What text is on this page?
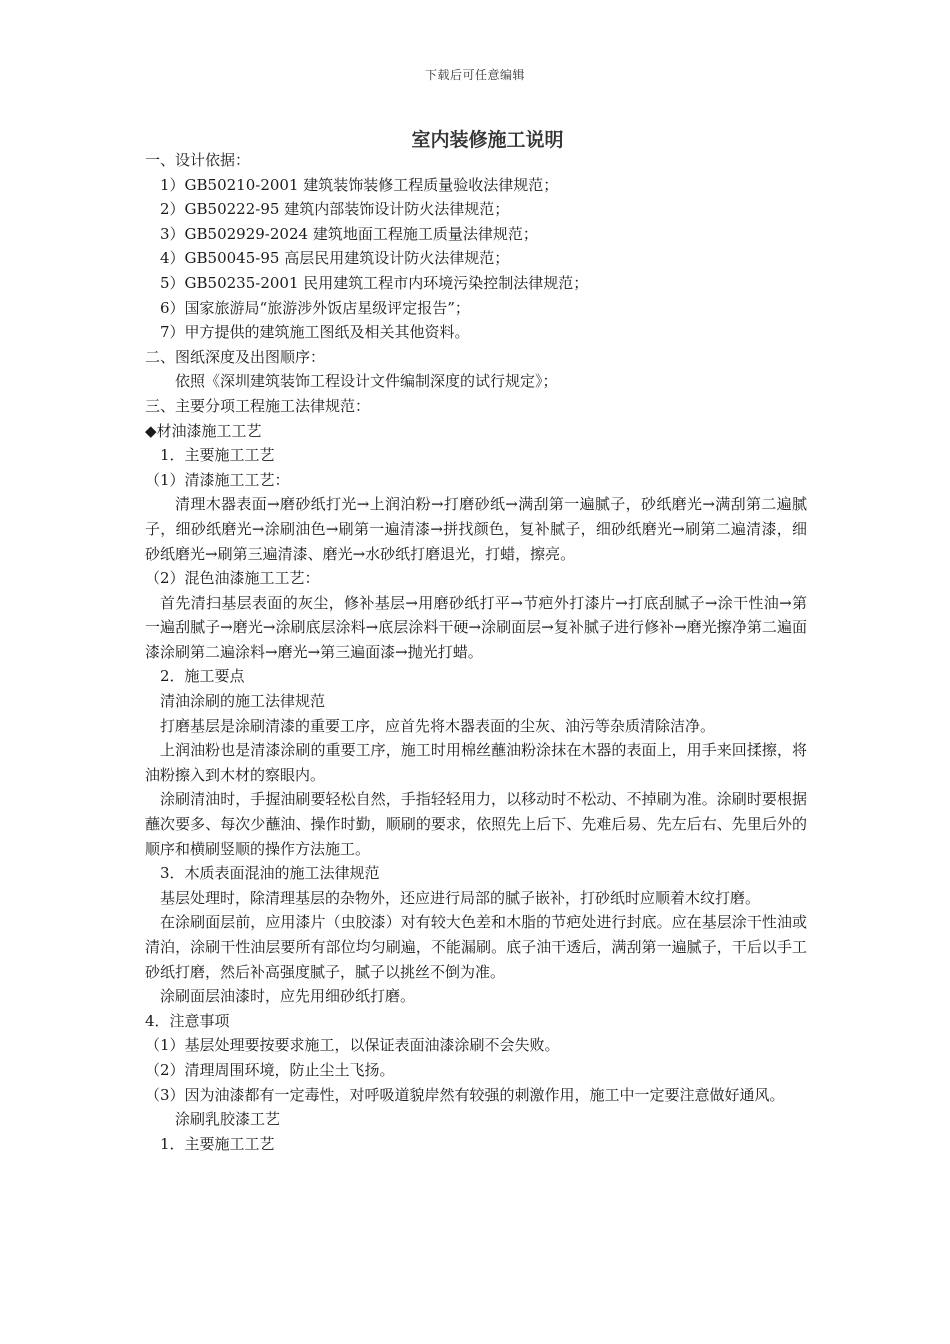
下载后可任意编辑
室内装修施工说明

一、设计依据：

1）GB50210-2001 建筑装饰装修工程质量验收法律规范；

2）GB50222-95 建筑内部装饰设计防火法律规范；

3）GB502929-2024 建筑地面工程施工质量法律规范；

4）GB50045-95 高层民用建筑设计防火法律规范；

5）GB50235-2001 民用建筑工程市内环境污染控制法律规范；

6）国家旅游局“旅游涉外饭店星级评定报告”；

7）甲方提供的建筑施工图纸及相关其他资料。

二、图纸深度及出图顺序：

依照《深圳建筑装饰工程设计文件编制深度的试行规定》；

三、主要分项工程施工法律规范：

◆材油漆施工工艺

1．主要施工工艺

（1）清漆施工工艺：

清理木器表面→磨砂纸打光→上润泊粉→打磨砂纸→满刮第一遍腻子，砂纸磨光→满刮第二遍腻子，细砂纸磨光→涂刷油色→刷第一遍清漆→拼找颜色，复补腻子，细砂纸磨光→刷第二遍清漆，细砂纸磨光→刷第三遍清漆、磨光→水砂纸打磨退光，打蜡，擦亮。

（2）混色油漆施工工艺：

首先清扫基层表面的灰尘，修补基层→用磨砂纸打平→节疤外打漆片→打底刮腻子→涂干性油→第一遍刮腻子→磨光→涂刷底层涂料→底层涂料干硬→涂刷面层→复补腻子进行修补→磨光擦净第二遍面漆涂刷第二遍涂料→磨光→第三遍面漆→抛光打蜡。

2．施工要点

清油涂刷的施工法律规范

打磨基层是涂刷清漆的重要工序，应首先将木器表面的尘灰、油污等杂质清除洁净。

上润油粉也是清漆涂刷的重要工序，施工时用棉丝蘸油粉涂抹在木器的表面上，用手来回揉擦，将油粉擦入到木材的察眼内。

涂刷清油时，手握油刷要轻松自然，手指轻轻用力，以移动时不松动、不掉刷为准。涂刷时要根据蘸次要多、每次少蘸油、操作时勤，顺刷的要求，依照先上后下、先难后易、先左后右、先里后外的顺序和横刷竖顺的操作方法施工。

3．木质表面混油的施工法律规范

基层处理时，除清理基层的杂物外，还应进行局部的腻子嵌补，打砂纸时应顺着木纹打磨。

在涂刷面层前，应用漆片（虫胶漆）对有较大色差和木脂的节疤处进行封底。应在基层涂干性油或清泊，涂刷干性油层要所有部位均匀刷遍，不能漏刷。底子油干透后，满刮第一遍腻子，干后以手工砂纸打磨，然后补高强度腻子，腻子以挑丝不倒为准。

涂刷面层油漆时，应先用细砂纸打磨。

4．注意事项

（1）基层处理要按要求施工，以保证表面油漆涂刷不会失败。

（2）清理周围环境，防止尘土飞扬。

（3）因为油漆都有一定毒性，对呼吸道貌岸然有较强的刺激作用，施工中一定要注意做好通风。

涂刷乳胶漆工艺

1．主要施工工艺
